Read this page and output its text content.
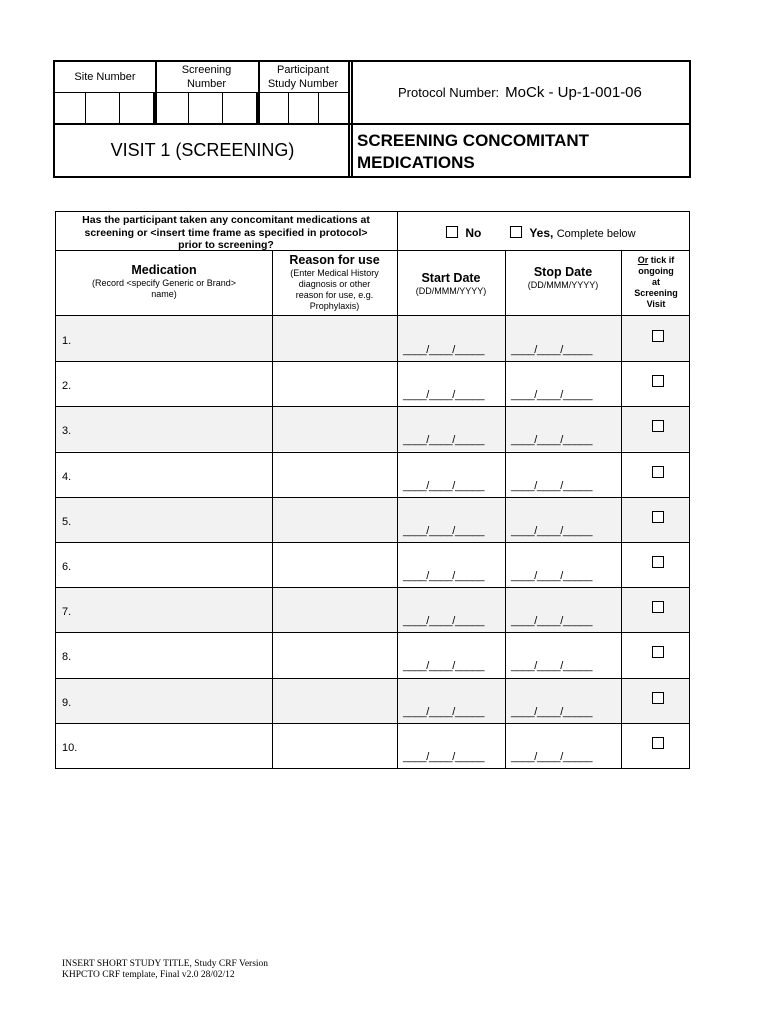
Site Number
Screening
Number
Participant
Study Number
Protocol Number: MoCk - Up-1-001-06
VISIT 1 (SCREENING)	SCREENING CONCOMITANT
MEDICATIONS
Has the participant taken any concomitant medications at
screening or <insert time frame as specified in protocol>
prior to screening?
No	Yes, Complete below
Medication
(Record <specify Generic or Brand>
name)
Reason for use
(Enter Medical History
diagnosis or other
reason for use, e.g.
Prophylaxis)
Start Date
(DD/MMM/YYYY)
Stop Date
(DD/MMM/YYYY)
Or tick if
ongoing
at
Screening
Visit
1.
____/____/_____ ____/____/_____
2.
____/____/_____ ____/____/_____
3.
____/____/_____ ____/____/_____
4.
____/____/_____ ____/____/_____
5.
____/____/_____ ____/____/_____
6.
____/____/_____ ____/____/_____
7.
____/____/_____ ____/____/_____
8.
____/____/_____ ____/____/_____
9.
____/____/_____ ____/____/_____
10.
____/____/_____ ____/____/_____
INSERT SHORT STUDY TITLE, Study CRF Version
KHPCTO CRF template, Final v2.0 28/02/12
